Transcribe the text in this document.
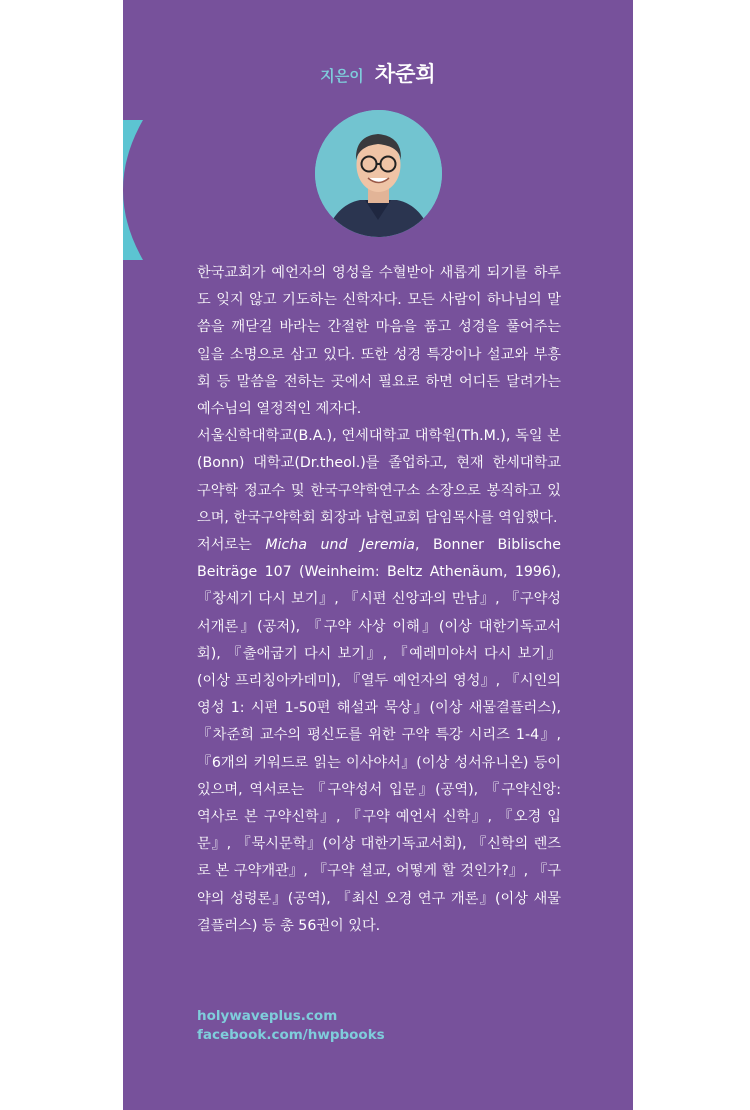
지은이 차준희

한국교회가 예언자의 영성을 수혈받아 새롭게 되기를 하루도 잊지 않고 기도하는 신학자다. 모든 사람이 하나님의 말씀을 깨닫길 바라는 간절한 마음을 품고 성경을 풀어주는 일을 소명으로 삼고 있다. 또한 성경 특강이나 설교와 부흥회 등 말씀을 전하는 곳에서 필요로 하면 어디든 달려가는 예수님의 열정적인 제자다.

서울신학대학교(B.A.), 연세대학교 대학원(Th.M.), 독일 본(Bonn) 대학교(Dr.theol.)를 졸업하고, 현재 한세대학교 구약학 정교수 및 한국구약학연구소 소장으로 봉직하고 있으며, 한국구약학회 회장과 남현교회 담임목사를 역임했다.

저서로는 Micha und Jeremia, Bonner Biblische Beiträge 107 (Weinheim: Beltz Athenäum, 1996), 『창세기 다시 보기』, 『시편 신앙과의 만남』, 『구약성서개론』(공저), 『구약 사상 이해』(이상 대한기독교서회), 『출애굽기 다시 보기』, 『예레미야서 다시 보기』(이상 프리칭아카데미), 『열두 예언자의 영성』, 『시인의 영성 1: 시편 1-50편 해설과 묵상』(이상 새물결플러스), 『차준희 교수의 평신도를 위한 구약 특강 시리즈 1-4』, 『6개의 키워드로 읽는 이사야서』(이상 성서유니온) 등이 있으며, 역서로는 『구약성서 입문』(공역), 『구약신앙: 역사로 본 구약신학』, 『구약 예언서 신학』, 『오경 입문』, 『묵시문학』(이상 대한기독교서회), 『신학의 렌즈로 본 구약개관』, 『구약 설교, 어떻게 할 것인가?』, 『구약의 성령론』(공역), 『최신 오경 연구 개론』(이상 새물결플러스) 등 총 56권이 있다.

holywaveplus.com
facebook.com/hwpbooks
